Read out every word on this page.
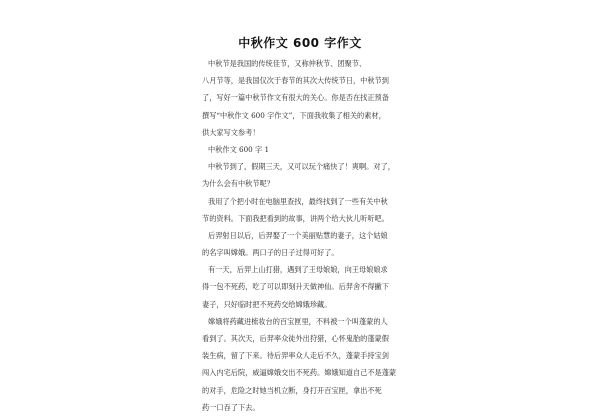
中秋作文 600 字作文
中秋节是我国的传统佳节，又称仲秋节、团聚节、
八月节等，是我国仅次于春节的其次大传统节日，中秋节到
了，写好一篇中秋节作文有很大的关心。你是否在找正预备
撰写“中秋作文 600 字作文”，下面我收集了相关的素材，
供大家写文参考！
中秋作文 600 字 1
中秋节到了，假期三天，又可以玩个痛快了！爽啊。对了，
为什么会有中秋节呢？
我用了个把小时在电脑里查找，最终找到了一些有关中秋
节的资料。下面我把看到的故事，讲两个给大伙儿听听吧。
后羿射日以后，后羿娶了一个美丽贴慧的妻子，这个姑娘
的名字叫嫦娥。两口子的日子过得可好了。
有一天，后羿上山打猎，遇到了王母娘娘，向王母娘娘求
得一包不死药，吃了可以即刻升天做神仙。后羿舍不得撇下
妻子，只好临时把不死药交给嫦娥珍藏。
嫦娥将药藏进梳妆台的百宝匣里，不料被一个叫蓬蒙的人
看到了。其次天，后羿率众徒外出狩猎，心怀鬼胎的蓬蒙假
装生病，留了下来。待后羿率众人走后不久，蓬蒙手持宝剑
闯入内宅后院，威逼嫦娥交出不死药。嫦娥知道自己不是蓬蒙
的对手，危险之时她当机立断，身打开百宝匣，拿出不死
药一口吞了下去。
